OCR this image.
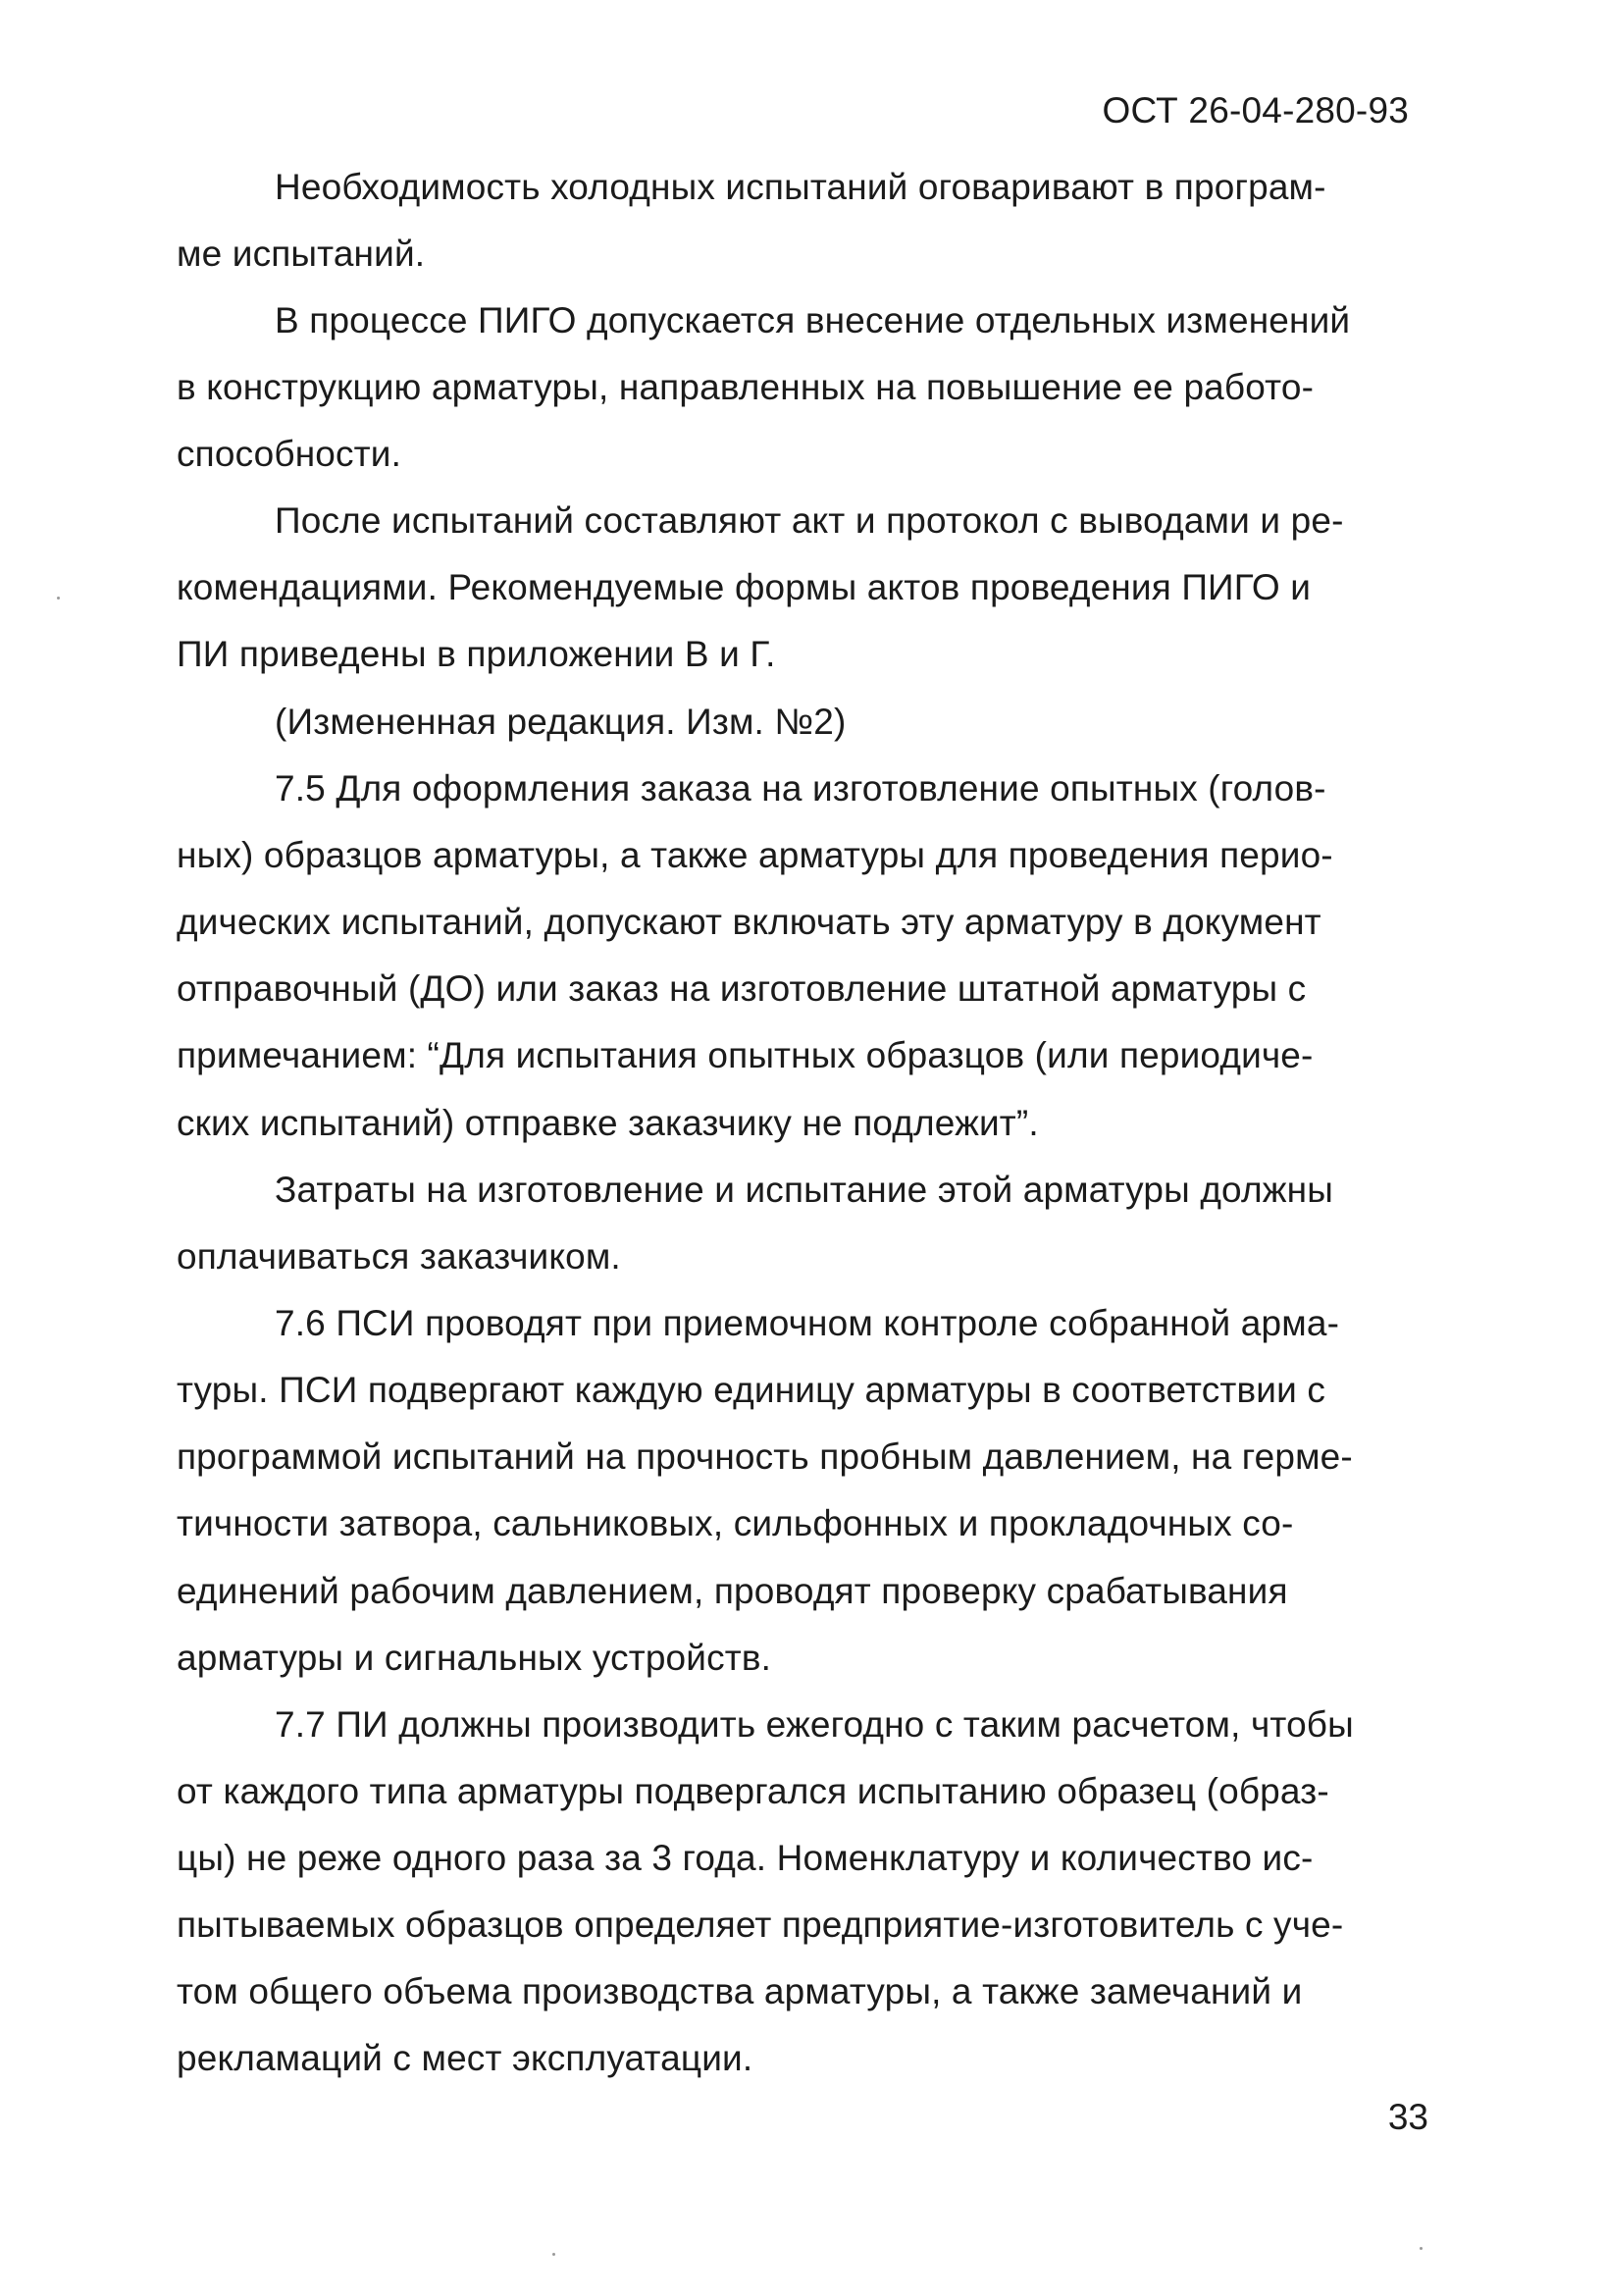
ОСТ 26-04-280-93
Необходимость холодных испытаний оговаривают в програм-
ме испытаний.
В процессе ПИГО допускается внесение отдельных изменений
в конструкцию арматуры, направленных на повышение ее работо-
способности.
После испытаний составляют акт и протокол с выводами и ре-
комендациями. Рекомендуемые формы актов проведения ПИГО и
ПИ приведены в приложении В и Г.
(Измененная редакция. Изм. №2)
7.5 Для оформления заказа на изготовление опытных (голов-
ных) образцов арматуры, а также арматуры для проведения перио-
дических испытаний, допускают включать эту арматуру в документ
отправочный (ДО) или заказ на изготовление штатной арматуры с
примечанием: “Для испытания опытных образцов (или периодиче-
ских испытаний) отправке заказчику не подлежит”.
Затраты на изготовление и испытание этой арматуры должны
оплачиваться заказчиком.
7.6 ПСИ проводят при приемочном контроле собранной арма-
туры. ПСИ подвергают каждую единицу арматуры в соответствии с
программой испытаний на прочность пробным давлением, на герме-
тичности затвора, сальниковых, сильфонных и прокладочных со-
единений рабочим давлением, проводят проверку срабатывания
арматуры и сигнальных устройств.
7.7 ПИ должны производить ежегодно с таким расчетом, чтобы
от каждого типа арматуры подвергался испытанию образец (образ-
цы) не реже одного раза за 3 года. Номенклатуру и количество ис-
пытываемых образцов определяет предприятие-изготовитель с уче-
том общего объема производства арматуры, а также замечаний и
рекламаций с мест эксплуатации.
33
